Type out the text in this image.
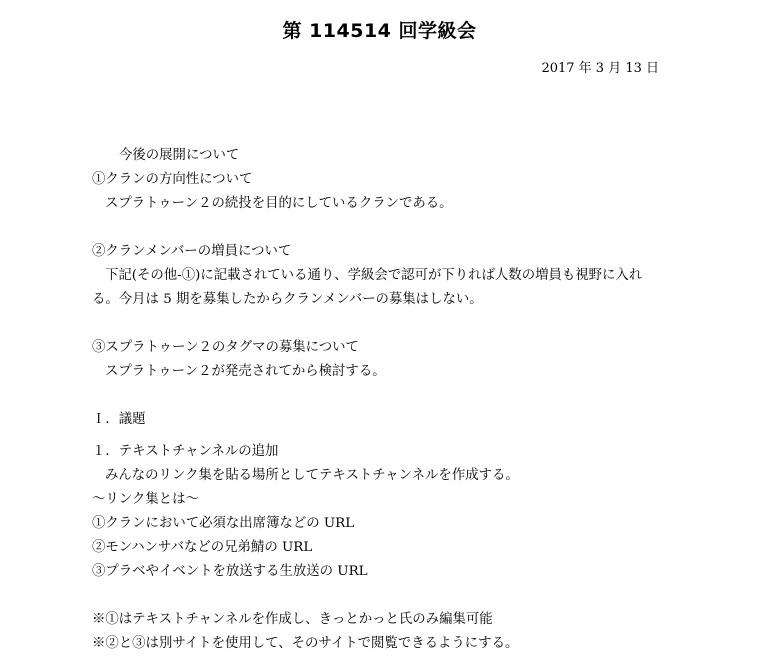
第 114514 回学級会
2017 年 3 月 13 日
今後の展開について
①クランの方向性について
スプラトゥーン２の続投を目的にしているクランである。
②クランメンバーの増員について
下記(その他-①)に記載されている通り、学級会で認可が下りれば人数の増員も視野に入れる。今月は 5 期を募集したからクランメンバーの募集はしない。
③スプラトゥーン２のタグマの募集について
スプラトゥーン２が発売されてから検討する。
Ｉ．議題
１．テキストチャンネルの追加
みんなのリンク集を貼る場所としてテキストチャンネルを作成する。
～リンク集とは～
①クランにおいて必須な出席簿などの URL
②モンハンサバなどの兄弟鯖の URL
③プラベやイベントを放送する生放送の URL
※①はテキストチャンネルを作成し、きっとかっと氏のみ編集可能
※②と③は別サイトを使用して、そのサイトで閲覧できるようにする。
